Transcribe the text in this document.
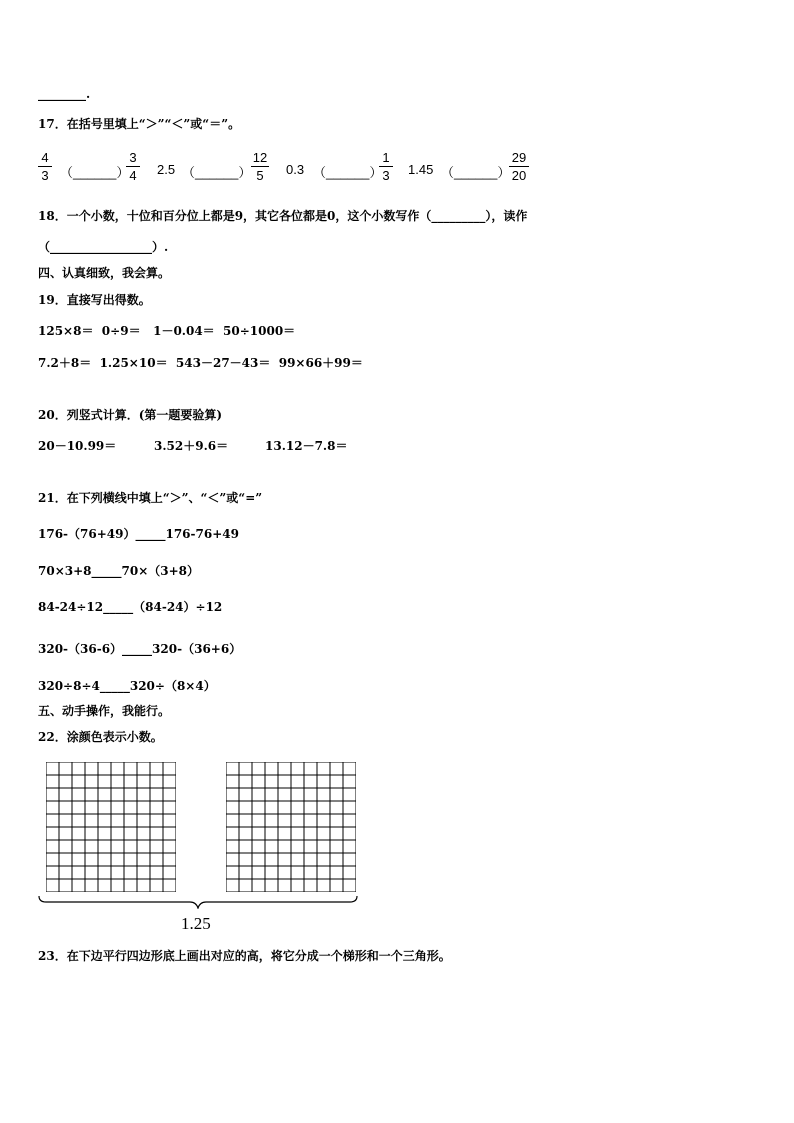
________.
17．在括号里填上“＞”“＜”或“＝”。
4
3 （______）
3
4	2.5 （______）
12
5	0.3 （______）
1
3	1.45 （______）
29
20
18．一个小数，十位和百分位上都是9，其它各位都是0，这个小数写作（_________），读作
（_________________）.
四、认真细致，我会算。
19．直接写出得数。
125×8＝  0÷9＝   1－0.04＝  50÷1000＝
7.2＋8＝  1.25×10＝  543－27－43＝  99×66＋99＝
20．列竖式计算．(第一题要验算)
20－10.99＝	3.52＋9.6＝	13.12－7.8＝
21．在下列横线中填上“＞”、“＜”或“=”
176-（76+49）_____176-76+49
70×3+8_____70×（3+8）
84-24÷12_____（84-24）÷12
320-（36-6）_____320-（36+6）
320÷8÷4_____320÷（8×4）
五、动手操作，我能行。
22．涂颜色表示小数。
1.25
23．在下边平行四边形底上画出对应的高，将它分成一个梯形和一个三角形。
